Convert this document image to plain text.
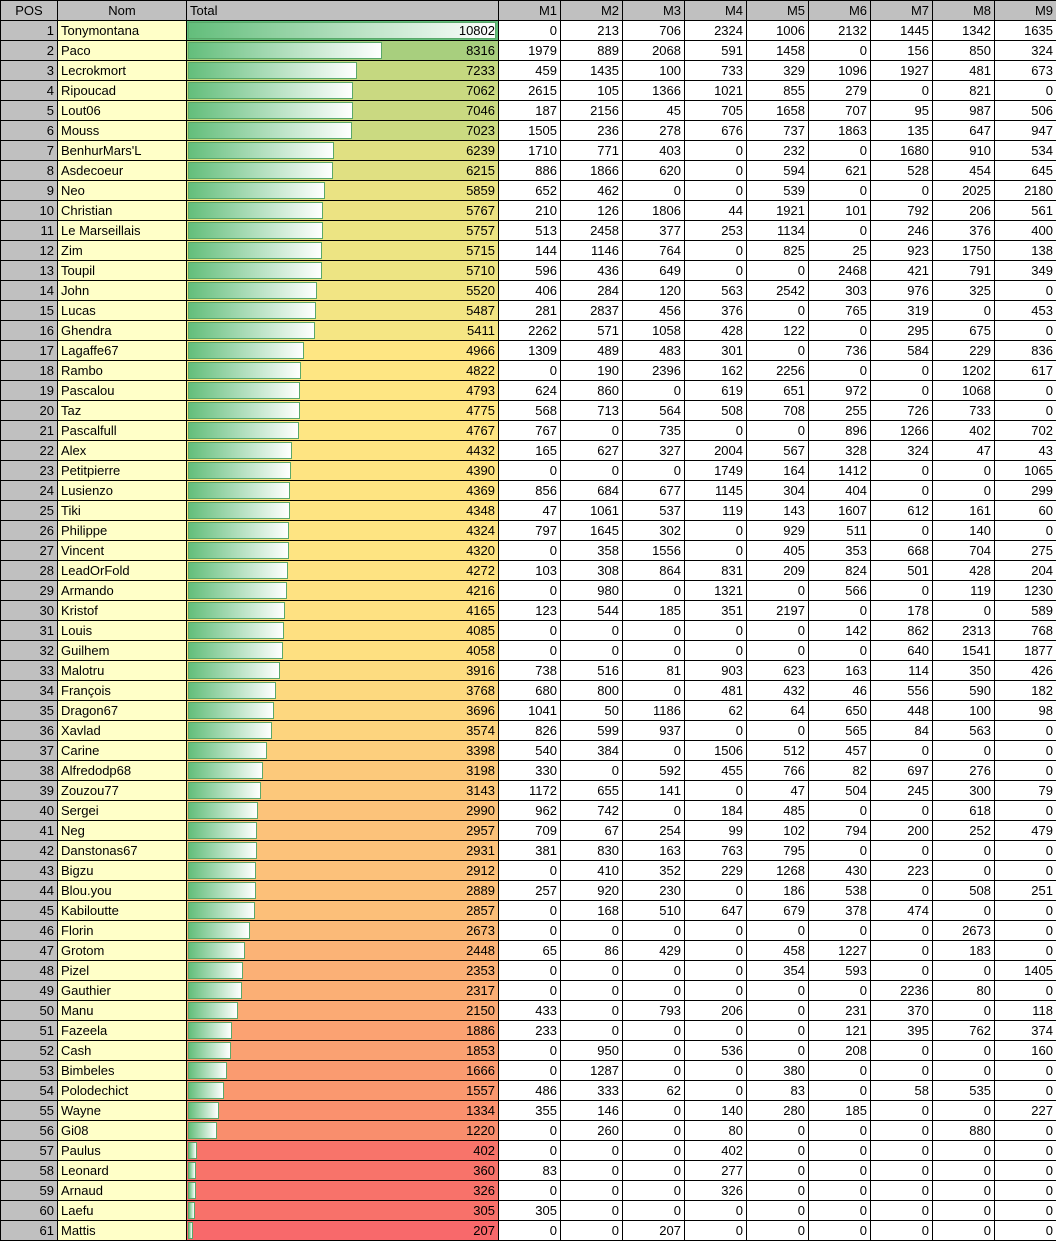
POS	Nom	Total	M1	M2	M3	M4	M5	M6	M7	M8	M9
1	Tonymontana	10802	0	213	706	2324	1006	2132	1445	1342	1635
2	Paco	8316	1979	889	2068	591	1458	0	156	850	324
3	Lecrokmort	7233	459	1435	100	733	329	1096	1927	481	673
4	Ripoucad	7062	2615	105	1366	1021	855	279	0	821	0
5	Lout06	7046	187	2156	45	705	1658	707	95	987	506
6	Mouss	7023	1505	236	278	676	737	1863	135	647	947
7	BenhurMars'L	6239	1710	771	403	0	232	0	1680	910	534
8	Asdecoeur	6215	886	1866	620	0	594	621	528	454	645
9	Neo	5859	652	462	0	0	539	0	0	2025	2180
10	Christian	5767	210	126	1806	44	1921	101	792	206	561
11	Le Marseillais	5757	513	2458	377	253	1134	0	246	376	400
12	Zim	5715	144	1146	764	0	825	25	923	1750	138
13	Toupil	5710	596	436	649	0	0	2468	421	791	349
14	John	5520	406	284	120	563	2542	303	976	325	0
15	Lucas	5487	281	2837	456	376	0	765	319	0	453
16	Ghendra	5411	2262	571	1058	428	122	0	295	675	0
17	Lagaffe67	4966	1309	489	483	301	0	736	584	229	836
18	Rambo	4822	0	190	2396	162	2256	0	0	1202	617
19	Pascalou	4793	624	860	0	619	651	972	0	1068	0
20	Taz	4775	568	713	564	508	708	255	726	733	0
21	Pascalfull	4767	767	0	735	0	0	896	1266	402	702
22	Alex	4432	165	627	327	2004	567	328	324	47	43
23	Petitpierre	4390	0	0	0	1749	164	1412	0	0	1065
24	Lusienzo	4369	856	684	677	1145	304	404	0	0	299
25	Tiki	4348	47	1061	537	119	143	1607	612	161	60
26	Philippe	4324	797	1645	302	0	929	511	0	140	0
27	Vincent	4320	0	358	1556	0	405	353	668	704	275
28	LeadOrFold	4272	103	308	864	831	209	824	501	428	204
29	Armando	4216	0	980	0	1321	0	566	0	119	1230
30	Kristof	4165	123	544	185	351	2197	0	178	0	589
31	Louis	4085	0	0	0	0	0	142	862	2313	768
32	Guilhem	4058	0	0	0	0	0	0	640	1541	1877
33	Malotru	3916	738	516	81	903	623	163	114	350	426
34	François	3768	680	800	0	481	432	46	556	590	182
35	Dragon67	3696	1041	50	1186	62	64	650	448	100	98
36	Xavlad	3574	826	599	937	0	0	565	84	563	0
37	Carine	3398	540	384	0	1506	512	457	0	0	0
38	Alfredodp68	3198	330	0	592	455	766	82	697	276	0
39	Zouzou77	3143	1172	655	141	0	47	504	245	300	79
40	Sergei	2990	962	742	0	184	485	0	0	618	0
41	Neg	2957	709	67	254	99	102	794	200	252	479
42	Danstonas67	2931	381	830	163	763	795	0	0	0	0
43	Bigzu	2912	0	410	352	229	1268	430	223	0	0
44	Blou.you	2889	257	920	230	0	186	538	0	508	251
45	Kabiloutte	2857	0	168	510	647	679	378	474	0	0
46	Florin	2673	0	0	0	0	0	0	0	2673	0
47	Grotom	2448	65	86	429	0	458	1227	0	183	0
48	Pizel	2353	0	0	0	0	354	593	0	0	1405
49	Gauthier	2317	0	0	0	0	0	0	2236	80	0
50	Manu	2150	433	0	793	206	0	231	370	0	118
51	Fazeela	1886	233	0	0	0	0	121	395	762	374
52	Cash	1853	0	950	0	536	0	208	0	0	160
53	Bimbeles	1666	0	1287	0	0	380	0	0	0	0
54	Polodechict	1557	486	333	62	0	83	0	58	535	0
55	Wayne	1334	355	146	0	140	280	185	0	0	227
56	Gi08	1220	0	260	0	80	0	0	0	880	0
57	Paulus	402	0	0	0	402	0	0	0	0	0
58	Leonard	360	83	0	0	277	0	0	0	0	0
59	Arnaud	326	0	0	0	326	0	0	0	0	0
60	Laefu	305	305	0	0	0	0	0	0	0	0
61	Mattis	207	0	0	207	0	0	0	0	0	0
